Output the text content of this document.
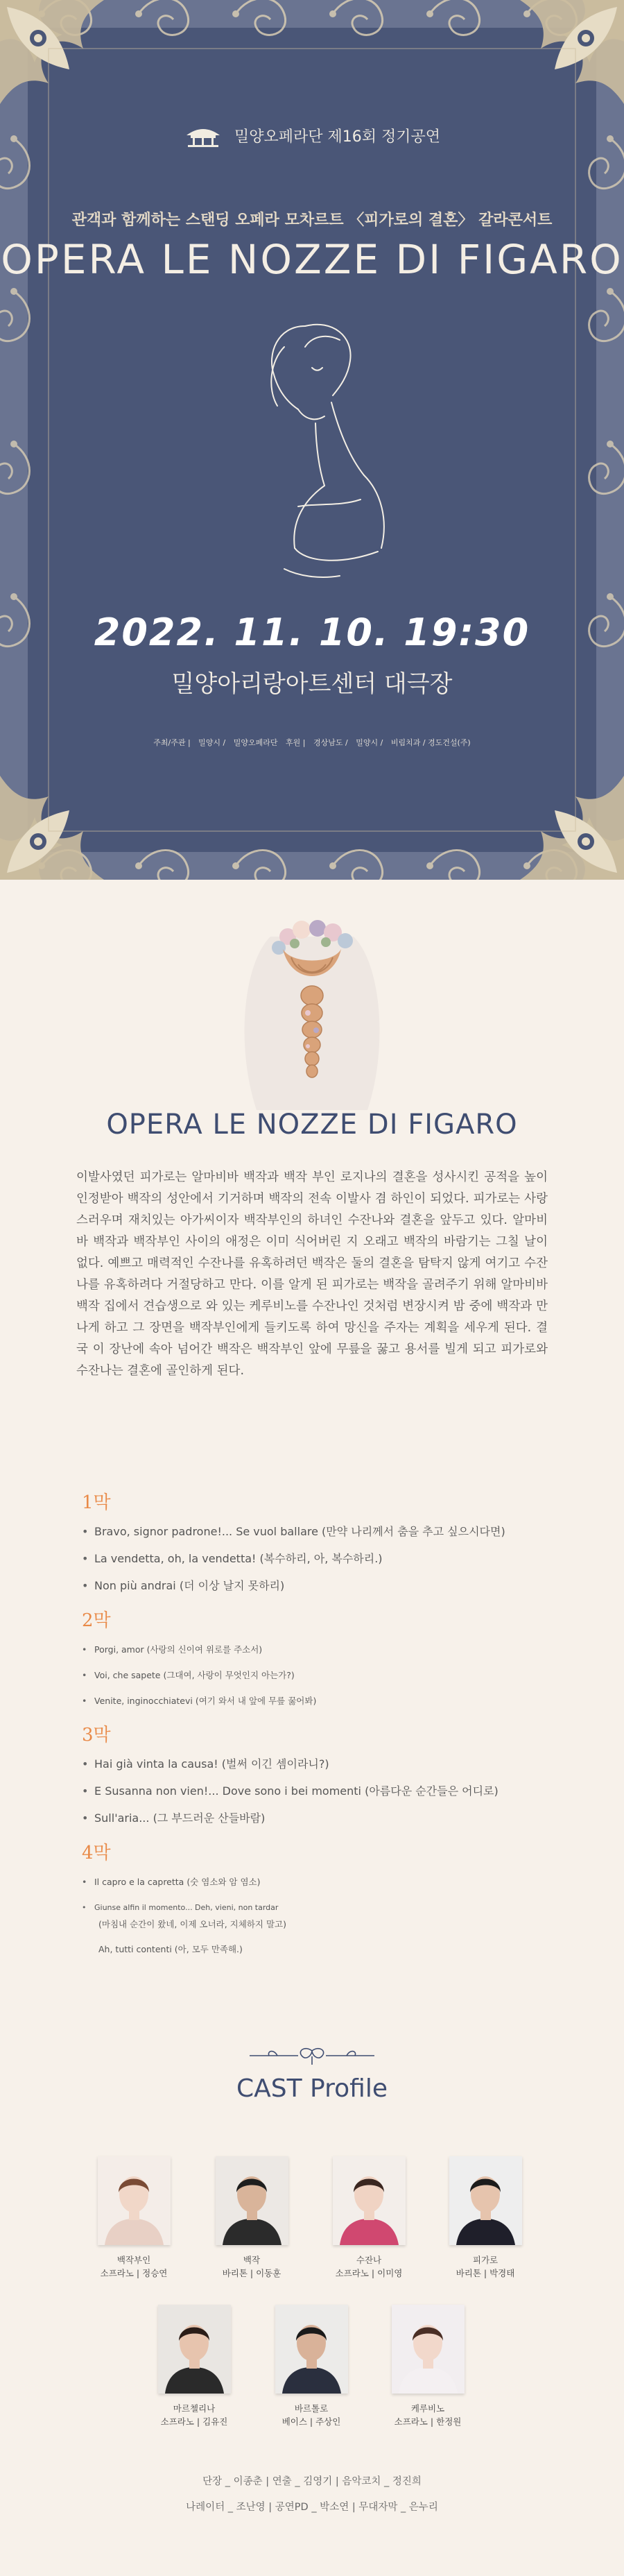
밀양오페라단 제16회 정기공연
관객과 함께하는 스탠딩 오페라 모차르트 〈피가로의 결혼〉 갈라콘서트
OPERA LE NOZZE DI FIGARO
2022. 11. 10. 19:30
밀양아리랑아트센터 대극장
주최/주관 | 밀양시 / 밀양오페라단 후원 | 경상남도 / 밀양시 / 비림치과 / 경도건설(주)
OPERA LE NOZZE DI FIGARO

이발사였던 피가로는 알마비바 백작과 백작 부인 로지나의 결혼을 성사시킨 공적을 높이 인정받아 백작의 성안에서 기거하며 백작의 전속 이발사 겸 하인이 되었다. 피가로는 사랑스러우며 재치있는 아가씨이자 백작부인의 하녀인 수잔나와 결혼을 앞두고 있다. 알마비바 백작과 백작부인 사이의 애정은 이미 식어버린 지 오래고 백작의 바람기는 그칠 날이 없다. 예쁘고 매력적인 수잔나를 유혹하려던 백작은 둘의 결혼을 탐탁지 않게 여기고 수잔나를 유혹하려다 거절당하고 만다. 이를 알게 된 피가로는 백작을 골려주기 위해 알마비바 백작 집에서 견습생으로 와 있는 케루비노를 수잔나인 것처럼 변장시켜 밤 중에 백작과 만나게 하고 그 장면을 백작부인에게 들키도록 하여 망신을 주자는 계획을 세우게 된다. 결국 이 장난에 속아 넘어간 백작은 백작부인 앞에 무릎을 꿇고 용서를 빌게 되고 피가로와 수잔나는 결혼에 골인하게 된다.

1막
• Bravo, signor padrone!... Se vuol ballare (만약 나리께서 춤을 추고 싶으시다면)
• La vendetta, oh, la vendetta! (복수하리, 아, 복수하리.)
• Non più andrai (더 이상 날지 못하리)
2막
• Porgi, amor (사랑의 신이여 위로를 주소서)
• Voi, che sapete (그대여, 사랑이 무엇인지 아는가?)
• Venite, inginocchiatevi (여기 와서 내 앞에 무릎 꿇어봐)
3막
• Hai già vinta la causa! (벌써 이긴 셈이라니?)
• E Susanna non vien!... Dove sono i bei momenti (아름다운 순간들은 어디로)
• Sull'aria... (그 부드러운 산들바람)
4막
• Il capro e la capretta (숫 염소와 암 염소)
• Giunse alfin il momento... Deh, vieni, non tardar
(마침내 순간이 왔네, 이제 오너라, 지체하지 말고)
Ah, tutti contenti (아, 모두 만족해.)
CAST Profile
백작부인
소프라노 | 정승연
백작
바리톤 | 이동훈
수잔나
소프라노 | 이미영
피가로
바리톤 | 박경태
마르첼리나
소프라노 | 김유진
바르톨로
베이스 | 주상인
케루비노
소프라노 | 한정원
단장 _ 이종춘 | 연출 _ 김영기 | 음악코치 _ 정진희
나레이터 _ 조난영 | 공연PD _ 박소연 | 무대자막 _ 은누리
